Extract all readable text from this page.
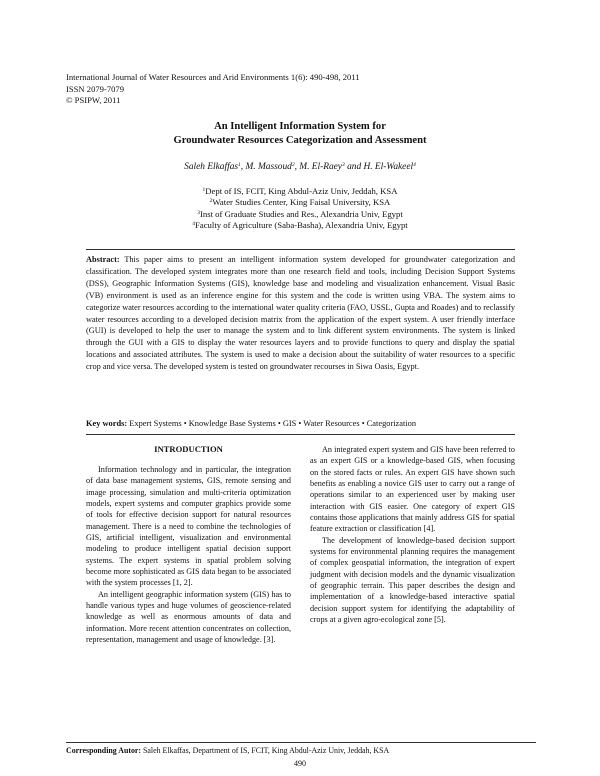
International Journal of Water Resources and Arid Environments 1(6): 490-498, 2011
ISSN 2079-7079
© PSIPW, 2011
An Intelligent Information System for
Groundwater Resources Categorization and Assessment
Saleh Elkaffas$^1$, M. Massoud$^2$, M. El-Raey$^3$ and H. El-Wakeel$^4$
$^1$Dept of IS, FCIT, King Abdul-Aziz Univ, Jeddah, KSA
$^2$Water Studies Center, King Faisal University, KSA
$^3$Inst of Graduate Studies and Res., Alexandria Univ, Egypt
$^4$Faculty of Agriculture (Saba-Basha), Alexandria Univ, Egypt
Abstract: This paper aims to present an intelligent information system developed for groundwater categorization and classification. The developed system integrates more than one research field and tools, including Decision Support Systems (DSS), Geographic Information Systems (GIS), knowledge base and modeling and visualization enhancement. Visual Basic (VB) environment is used as an inference engine for this system and the code is written using VBA. The system aims to categorize water resources according to the international water quality criteria (FAO, USSL, Gupta and Roades) and to reclassify water resources according to a developed decision matrix from the application of the expert system. A user friendly interface (GUI) is developed to help the user to manage the system and to link different system environments. The system is linked through the GUI with a GIS to display the water resources layers and to provide functions to query and display the spatial locations and associated attributes. The system is used to make a decision about the suitability of water resources to a specific crop and vice versa. The developed system is tested on groundwater recourses in Siwa Oasis, Egypt.
Key words: Expert Systems • Knowledge Base Systems • GIS • Water Resources • Categorization
INTRODUCTION

Information technology and in particular, the integration of data base management systems, GIS, remote sensing and image processing, simulation and multi-criteria optimization models, expert systems and computer graphics provide some of tools for effective decision support for natural resources management. There is a need to combine the technologies of GIS, artificial intelligent, visualization and environmental modeling to produce intelligent spatial decision support systems. The expert systems in spatial problem solving become more sophisticated as GIS data began to be associated with the system processes [1, 2].

An intelligent geographic information system (GIS) has to handle various types and huge volumes of geoscience-related knowledge as well as enormous amounts of data and information. More recent attention concentrates on collection, representation, management and usage of knowledge. [3].

An integrated expert system and GIS have been referred to as an expert GIS or a knowledge-based GIS, when focusing on the stored facts or rules. An expert GIS have shown such benefits as enabling a novice GIS user to carry out a range of operations similar to an experienced user by making user interaction with GIS easier. One category of expert GIS contains those applications that mainly address GIS for spatial feature extraction or classification [4].

The development of knowledge-based decision support systems for environmental planning requires the management of complex geospatial information, the integration of expert judgment with decision models and the dynamic visualization of geographic terrain. This paper describes the design and implementation of a knowledge-based interactive spatial decision support system for identifying the adaptability of crops at a given agro-ecological zone [5].

Corresponding Autor: Saleh Elkaffas, Department of IS, FCIT, King Abdul-Aziz Univ, Jeddah, KSA
490
